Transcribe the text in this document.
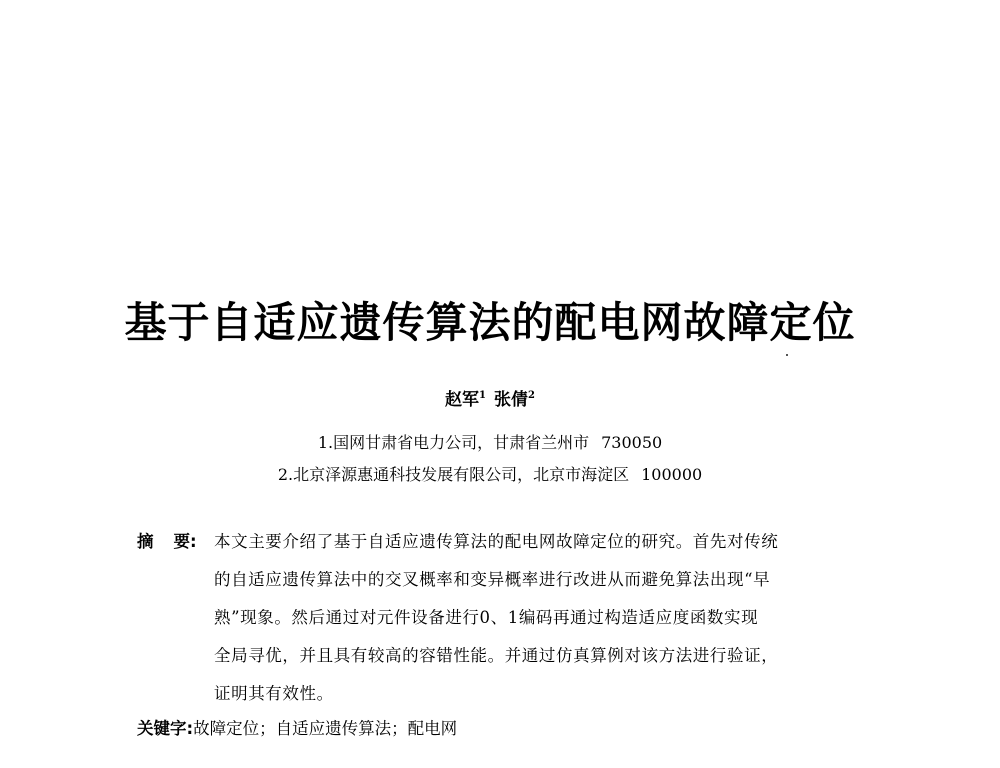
基于自适应遗传算法的配电网故障定位
赵军$^1$ 张倩$^2$
1.国网甘肃省电力公司，甘肃省兰州市 730050
2.北京泽源惠通科技发展有限公司，北京市海淀区 100000
摘 要: 本文主要介绍了基于自适应遗传算法的配电网故障定位的研究。首先对传统
的自适应遗传算法中的交叉概率和变异概率进行改进从而避免算法出现“早
熟”现象。然后通过对元件设备进行0、1编码再通过构造适应度函数实现
全局寻优，并且具有较高的容错性能。并通过仿真算例对该方法进行验证，
证明其有效性。
关键字:故障定位；自适应遗传算法；配电网
